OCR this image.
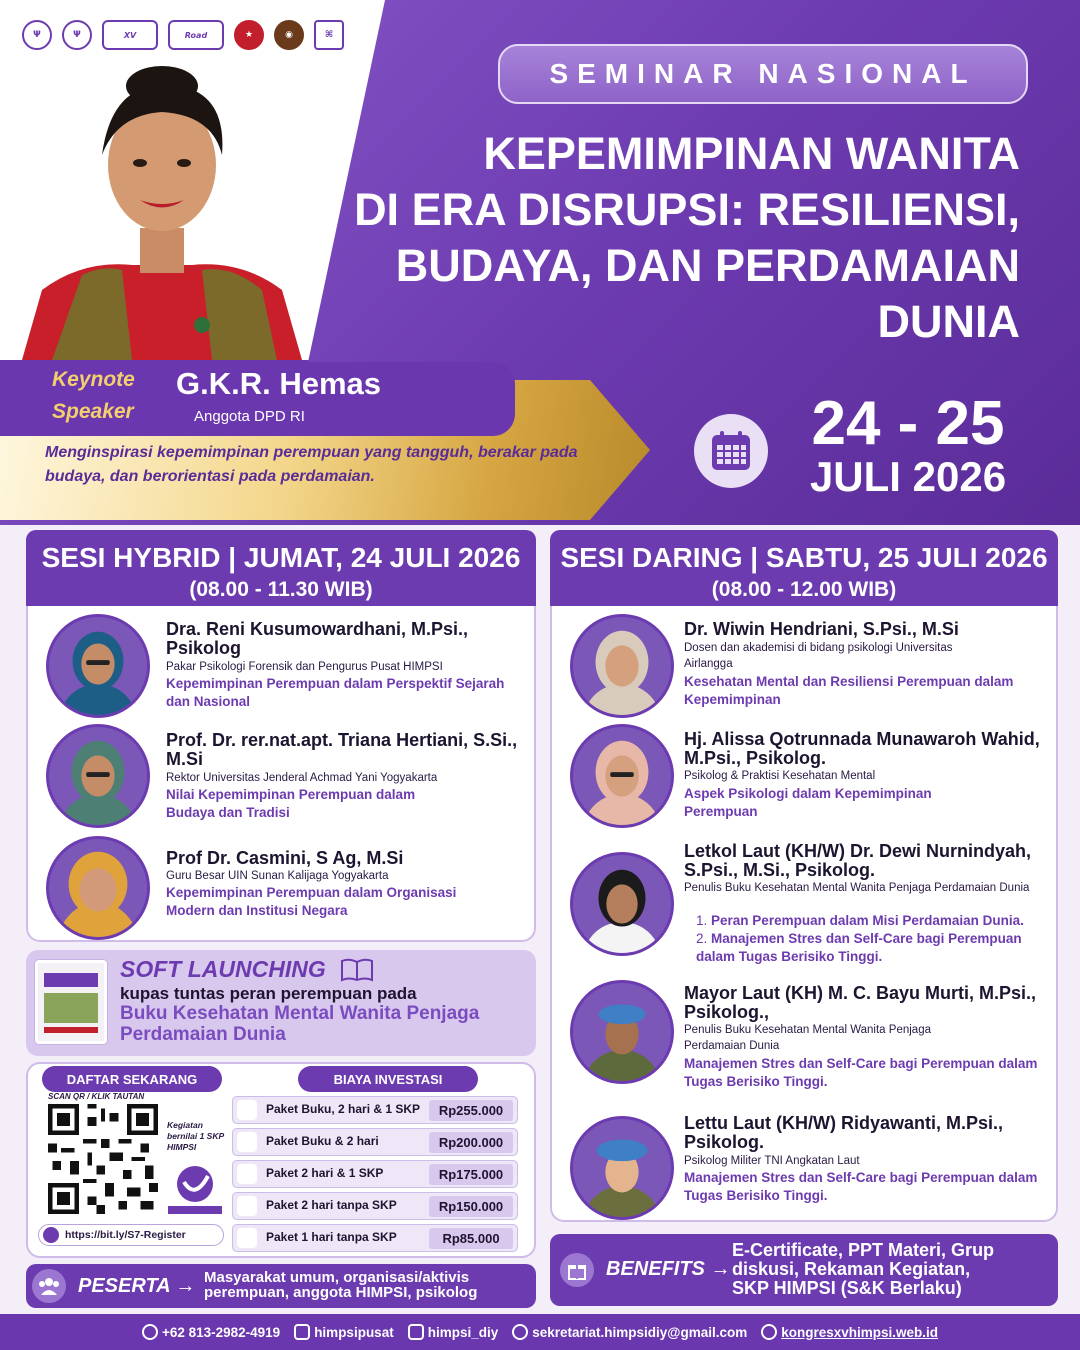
Ψ	Ψ	XV	Road	★	◉	⌘
SEMINAR NASIONAL
KEPEMIMPINAN WANITA
DI ERA DISRUPSI: RESILIENSI,
BUDAYA, DAN PERDAMAIAN
DUNIA
Keynote
Speaker
G.K.R. Hemas
Anggota DPD RI
Menginspirasi kepemimpinan perempuan yang tangguh, berakar pada budaya, dan berorientasi pada perdamaian.
24 - 25
JULI 2026
SESI HYBRID | JUMAT, 24 JULI 2026
(08.00 - 11.30 WIB)
Dra. Reni Kusumowardhani, M.Psi., Psikolog
Pakar Psikologi Forensik dan Pengurus Pusat HIMPSI
Kepemimpinan Perempuan dalam Perspektif Sejarah dan Nasional
Prof. Dr. rer.nat.apt. Triana Hertiani, S.Si., M.Si
Rektor Universitas Jenderal Achmad Yani Yogyakarta
Nilai Kepemimpinan Perempuan dalam Budaya dan Tradisi
Prof Dr. Casmini, S Ag, M.Si
Guru Besar UIN Sunan Kalijaga Yogyakarta
Kepemimpinan Perempuan dalam Organisasi Modern dan Institusi Negara
SESI DARING | SABTU, 25 JULI 2026
(08.00 - 12.00 WIB)
Dr. Wiwin Hendriani, S.Psi., M.Si
Dosen dan akademisi di bidang psikologi Universitas Airlangga
Kesehatan Mental dan Resiliensi Perempuan dalam Kepemimpinan
Hj. Alissa Qotrunnada Munawaroh Wahid, M.Psi., Psikolog.
Psikolog & Praktisi Kesehatan Mental
Aspek Psikologi dalam Kepemimpinan Perempuan
Letkol Laut (KH/W) Dr. Dewi Nurnindyah, S.Psi., M.Si., Psikolog.
Penulis Buku Kesehatan Mental Wanita Penjaga Perdamaian Dunia
1. Peran Perempuan dalam Misi Perdamaian Dunia.
2. Manajemen Stres dan Self-Care bagi Perempuan dalam Tugas Berisiko Tinggi.
Mayor Laut (KH) M. C. Bayu Murti, M.Psi., Psikolog.,
Penulis Buku Kesehatan Mental Wanita Penjaga Perdamaian Dunia
Manajemen Stres dan Self-Care bagi Perempuan dalam Tugas Berisiko Tinggi.
Lettu Laut (KH/W) Ridyawanti, M.Psi., Psikolog.
Psikolog Militer TNI Angkatan Laut
Manajemen Stres dan Self-Care bagi Perempuan dalam Tugas Berisiko Tinggi.
SOFT LAUNCHING
kupas tuntas peran perempuan pada
Buku Kesehatan Mental Wanita Penjaga Perdamaian Dunia
DAFTAR SEKARANG	BIAYA INVESTASI
SCAN QR / KLIK TAUTAN
Kegiatan bernilai 1 SKP HIMPSI
https://bit.ly/S7-Register
Paket Buku, 2 hari & 1 SKP	Rp255.000
Paket Buku & 2 hari	Rp200.000
Paket 2 hari & 1 SKP	Rp175.000
Paket 2 hari tanpa SKP	Rp150.000
Paket 1 hari tanpa SKP	Rp85.000
PESERTA → Masyarakat umum, organisasi/aktivis
perempuan, anggota HIMPSI, psikolog
BENEFITS →
E-Certificate, PPT Materi, Grup
diskusi, Rekaman Kegiatan,
SKP HIMPSI (S&K Berlaku)
+62 813-2982-4919	himpsipusat	himpsi_diy	sekretariat.himpsidiy@gmail.com	kongresxvhimpsi.web.id
